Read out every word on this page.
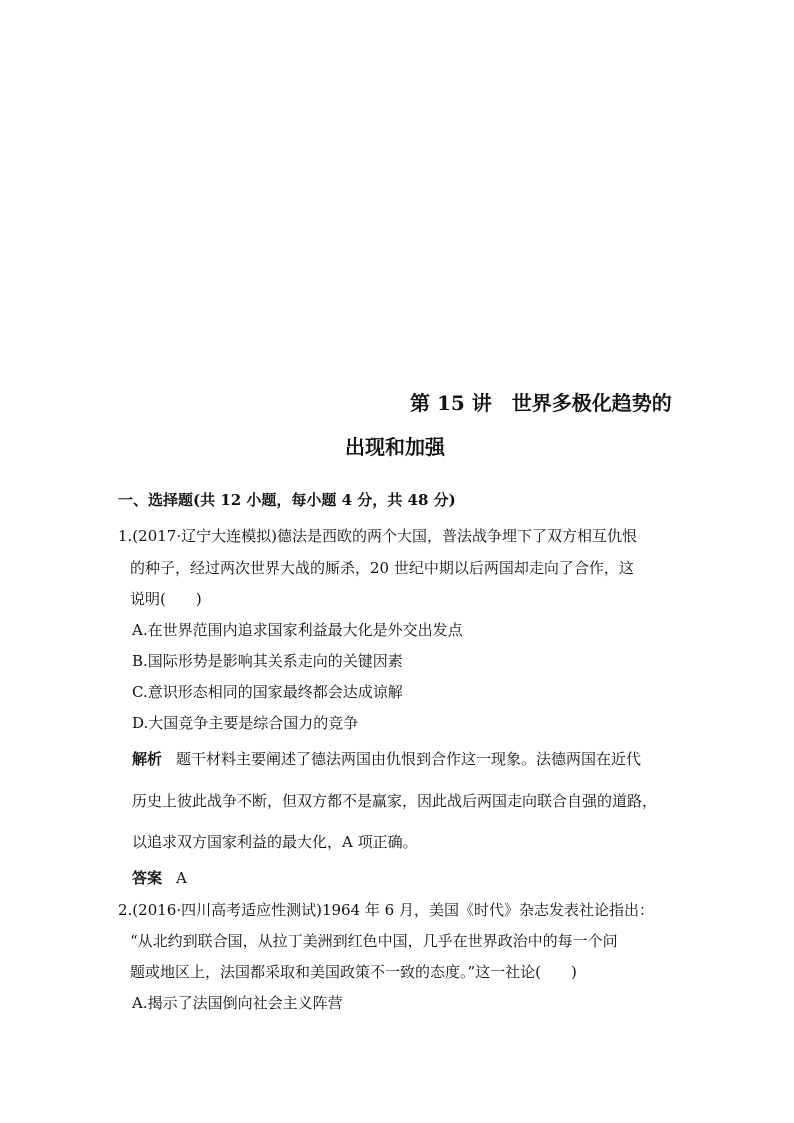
第 15 讲　世界多极化趋势的
出现和加强
一、选择题(共 12 小题，每小题 4 分，共 48 分)
1.(2017·辽宁大连模拟)德法是西欧的两个大国，普法战争埋下了双方相互仇恨
的种子，经过两次世界大战的厮杀，20 世纪中期以后两国却走向了合作，这
说明(　　)
A.在世界范围内追求国家利益最大化是外交出发点
B.国际形势是影响其关系走向的关键因素
C.意识形态相同的国家最终都会达成谅解
D.大国竞争主要是综合国力的竞争
解析 题干材料主要阐述了德法两国由仇恨到合作这一现象。法德两国在近代
历史上彼此战争不断，但双方都不是赢家，因此战后两国走向联合自强的道路，
以追求双方国家利益的最大化，A 项正确。
答案 A
2.(2016·四川高考适应性测试)1964 年 6 月，美国《时代》杂志发表社论指出：
“从北约到联合国，从拉丁美洲到红色中国，几乎在世界政治中的每一个问
题或地区上，法国都采取和美国政策不一致的态度。”这一社论(　　)
A.揭示了法国倒向社会主义阵营
